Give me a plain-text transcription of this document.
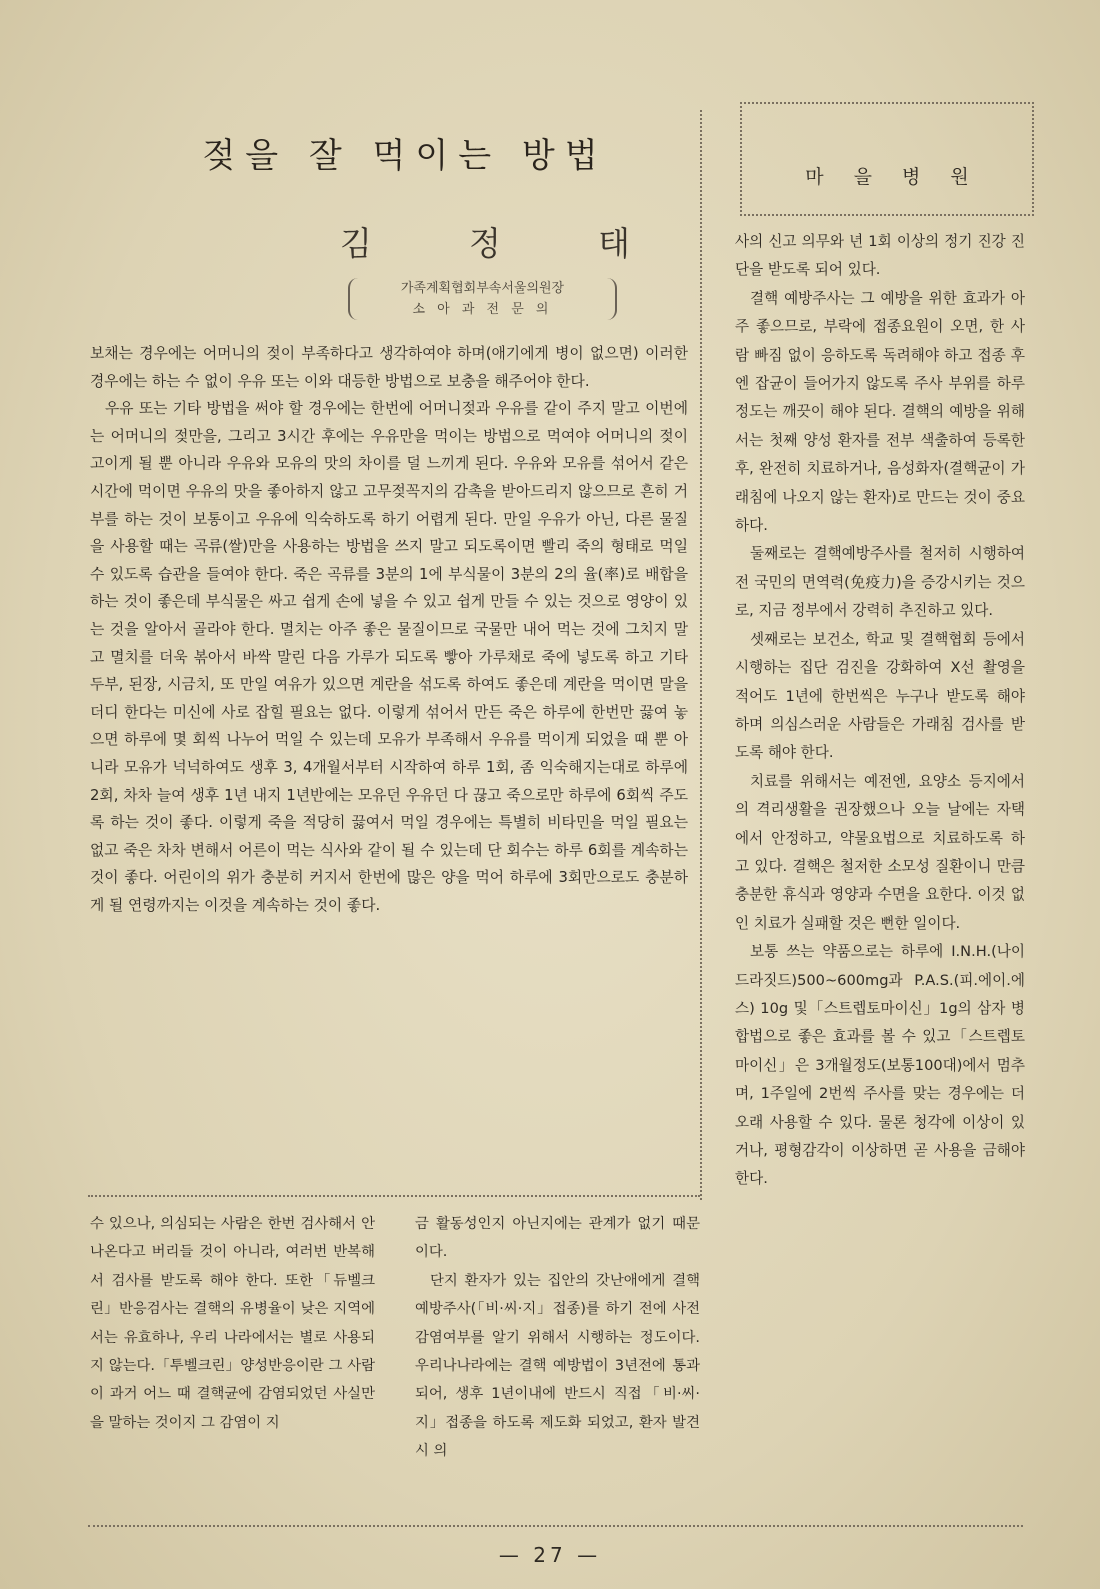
젖을 잘 먹이는 방법
김	정	태
가족계획협회부속서울의원장
소 아 과 전 문 의

보채는 경우에는 어머니의 젖이 부족하다고 생각하여야 하며(애기에게 병이 없으면) 이러한 경우에는 하는 수 없이 우유 또는 이와 대등한 방법으로 보충을 해주어야 한다.

우유 또는 기타 방법을 써야 할 경우에는 한번에 어머니젖과 우유를 같이 주지 말고 이번에는 어머니의 젖만을, 그리고 3시간 후에는 우유만을 먹이는 방법으로 먹여야 어머니의 젖이 고이게 될 뿐 아니라 우유와 모유의 맛의 차이를 덜 느끼게 된다. 우유와 모유를 섞어서 같은 시간에 먹이면 우유의 맛을 좋아하지 않고 고무젖꼭지의 감촉을 받아드리지 않으므로 흔히 거부를 하는 것이 보통이고 우유에 익숙하도록 하기 어렵게 된다. 만일 우유가 아닌, 다른 물질을 사용할 때는 곡류(쌀)만을 사용하는 방법을 쓰지 말고 되도록이면 빨리 죽의 형태로 먹일 수 있도록 습관을 들여야 한다. 죽은 곡류를 3분의 1에 부식물이 3분의 2의 율(率)로 배합을 하는 것이 좋은데 부식물은 싸고 쉽게 손에 넣을 수 있고 쉽게 만들 수 있는 것으로 영양이 있는 것을 알아서 골라야 한다. 멸치는 아주 좋은 물질이므로 국물만 내어 먹는 것에 그치지 말고 멸치를 더욱 볶아서 바싹 말린 다음 가루가 되도록 빻아 가루채로 죽에 넣도록 하고 기타 두부, 된장, 시금치, 또 만일 여유가 있으면 계란을 섞도록 하여도 좋은데 계란을 먹이면 말을 더디 한다는 미신에 사로 잡힐 필요는 없다. 이렇게 섞어서 만든 죽은 하루에 한번만 끓여 놓으면 하루에 몇 회씩 나누어 먹일 수 있는데 모유가 부족해서 우유를 먹이게 되었을 때 뿐 아니라 모유가 넉넉하여도 생후 3, 4개월서부터 시작하여 하루 1회, 좀 익숙해지는대로 하루에 2회, 차차 늘여 생후 1년 내지 1년반에는 모유던 우유던 다 끊고 죽으로만 하루에 6회씩 주도록 하는 것이 좋다. 이렇게 죽을 적당히 끓여서 먹일 경우에는 특별히 비타민을 먹일 필요는 없고 죽은 차차 변해서 어른이 먹는 식사와 같이 될 수 있는데 단 회수는 하루 6회를 계속하는 것이 좋다. 어린이의 위가 충분히 커지서 한번에 많은 양을 먹어 하루에 3회만으로도 충분하게 될 연령까지는 이것을 계속하는 것이 좋다.

마을병원

사의 신고 의무와 년 1회 이상의 정기 진강 진단을 받도록 되어 있다.

결핵 예방주사는 그 예방을 위한 효과가 아주 좋으므로, 부락에 접종요원이 오면, 한 사람 빠짐 없이 응하도록 독려해야 하고 접종 후엔 잡균이 들어가지 않도록 주사 부위를 하루 정도는 깨끗이 해야 된다. 결핵의 예방을 위해서는 첫째 양성 환자를 전부 색출하여 등록한 후, 완전히 치료하거나, 음성화자(결핵균이 가래침에 나오지 않는 환자)로 만드는 것이 중요하다.

둘째로는 결핵예방주사를 철저히 시행하여 전 국민의 면역력(免疫力)을 증강시키는 것으로, 지금 정부에서 강력히 추진하고 있다.

셋째로는 보건소, 학교 및 결핵협회 등에서 시행하는 집단 검진을 강화하여 X선 촬영을 적어도 1년에 한번씩은 누구나 받도록 해야 하며 의심스러운 사람들은 가래침 검사를 받도록 해야 한다.

치료를 위해서는 예전엔, 요양소 등지에서의 격리생활을 권장했으나 오늘 날에는 자택에서 안정하고, 약물요법으로 치료하도록 하고 있다. 결핵은 철저한 소모성 질환이니 만큼 충분한 휴식과 영양과 수면을 요한다. 이것 없인 치료가 실패할 것은 뻔한 일이다.

보통 쓰는 약품으로는 하루에 I.N.H.(나이드라짓드)500~600mg과 P.A.S.(피.에이.에스) 10g 및「스트렙토마이신」1g의 삼자 병합법으로 좋은 효과를 볼 수 있고「스트렙토마이신」은 3개월정도(보통100대)에서 멈추며, 1주일에 2번씩 주사를 맞는 경우에는 더 오래 사용할 수 있다. 물론 청각에 이상이 있거나, 평형감각이 이상하면 곧 사용을 금해야 한다.

수 있으나, 의심되는 사람은 한번 검사해서 안 나온다고 버리들 것이 아니라, 여러번 반복해서 검사를 받도록 해야 한다. 또한「듀벨크린」반응검사는 결핵의 유병율이 낮은 지역에서는 유효하나, 우리 나라에서는 별로 사용되지 않는다.「투벨크린」양성반응이란 그 사람이 과거 어느 때 결핵균에 감염되었던 사실만을 말하는 것이지 그 감염이 지

금 활동성인지 아닌지에는 관계가 없기 때문이다.

단지 환자가 있는 집안의 갓난애에게 결핵 예방주사(「비·씨·지」접종)를 하기 전에 사전 감염여부를 알기 위해서 시행하는 정도이다. 우리나나라에는 결핵 예방법이 3년전에 통과되어, 생후 1년이내에 반드시 직접「비·씨·지」접종을 하도록 제도화 되었고, 환자 발견시 의

— 27 —
